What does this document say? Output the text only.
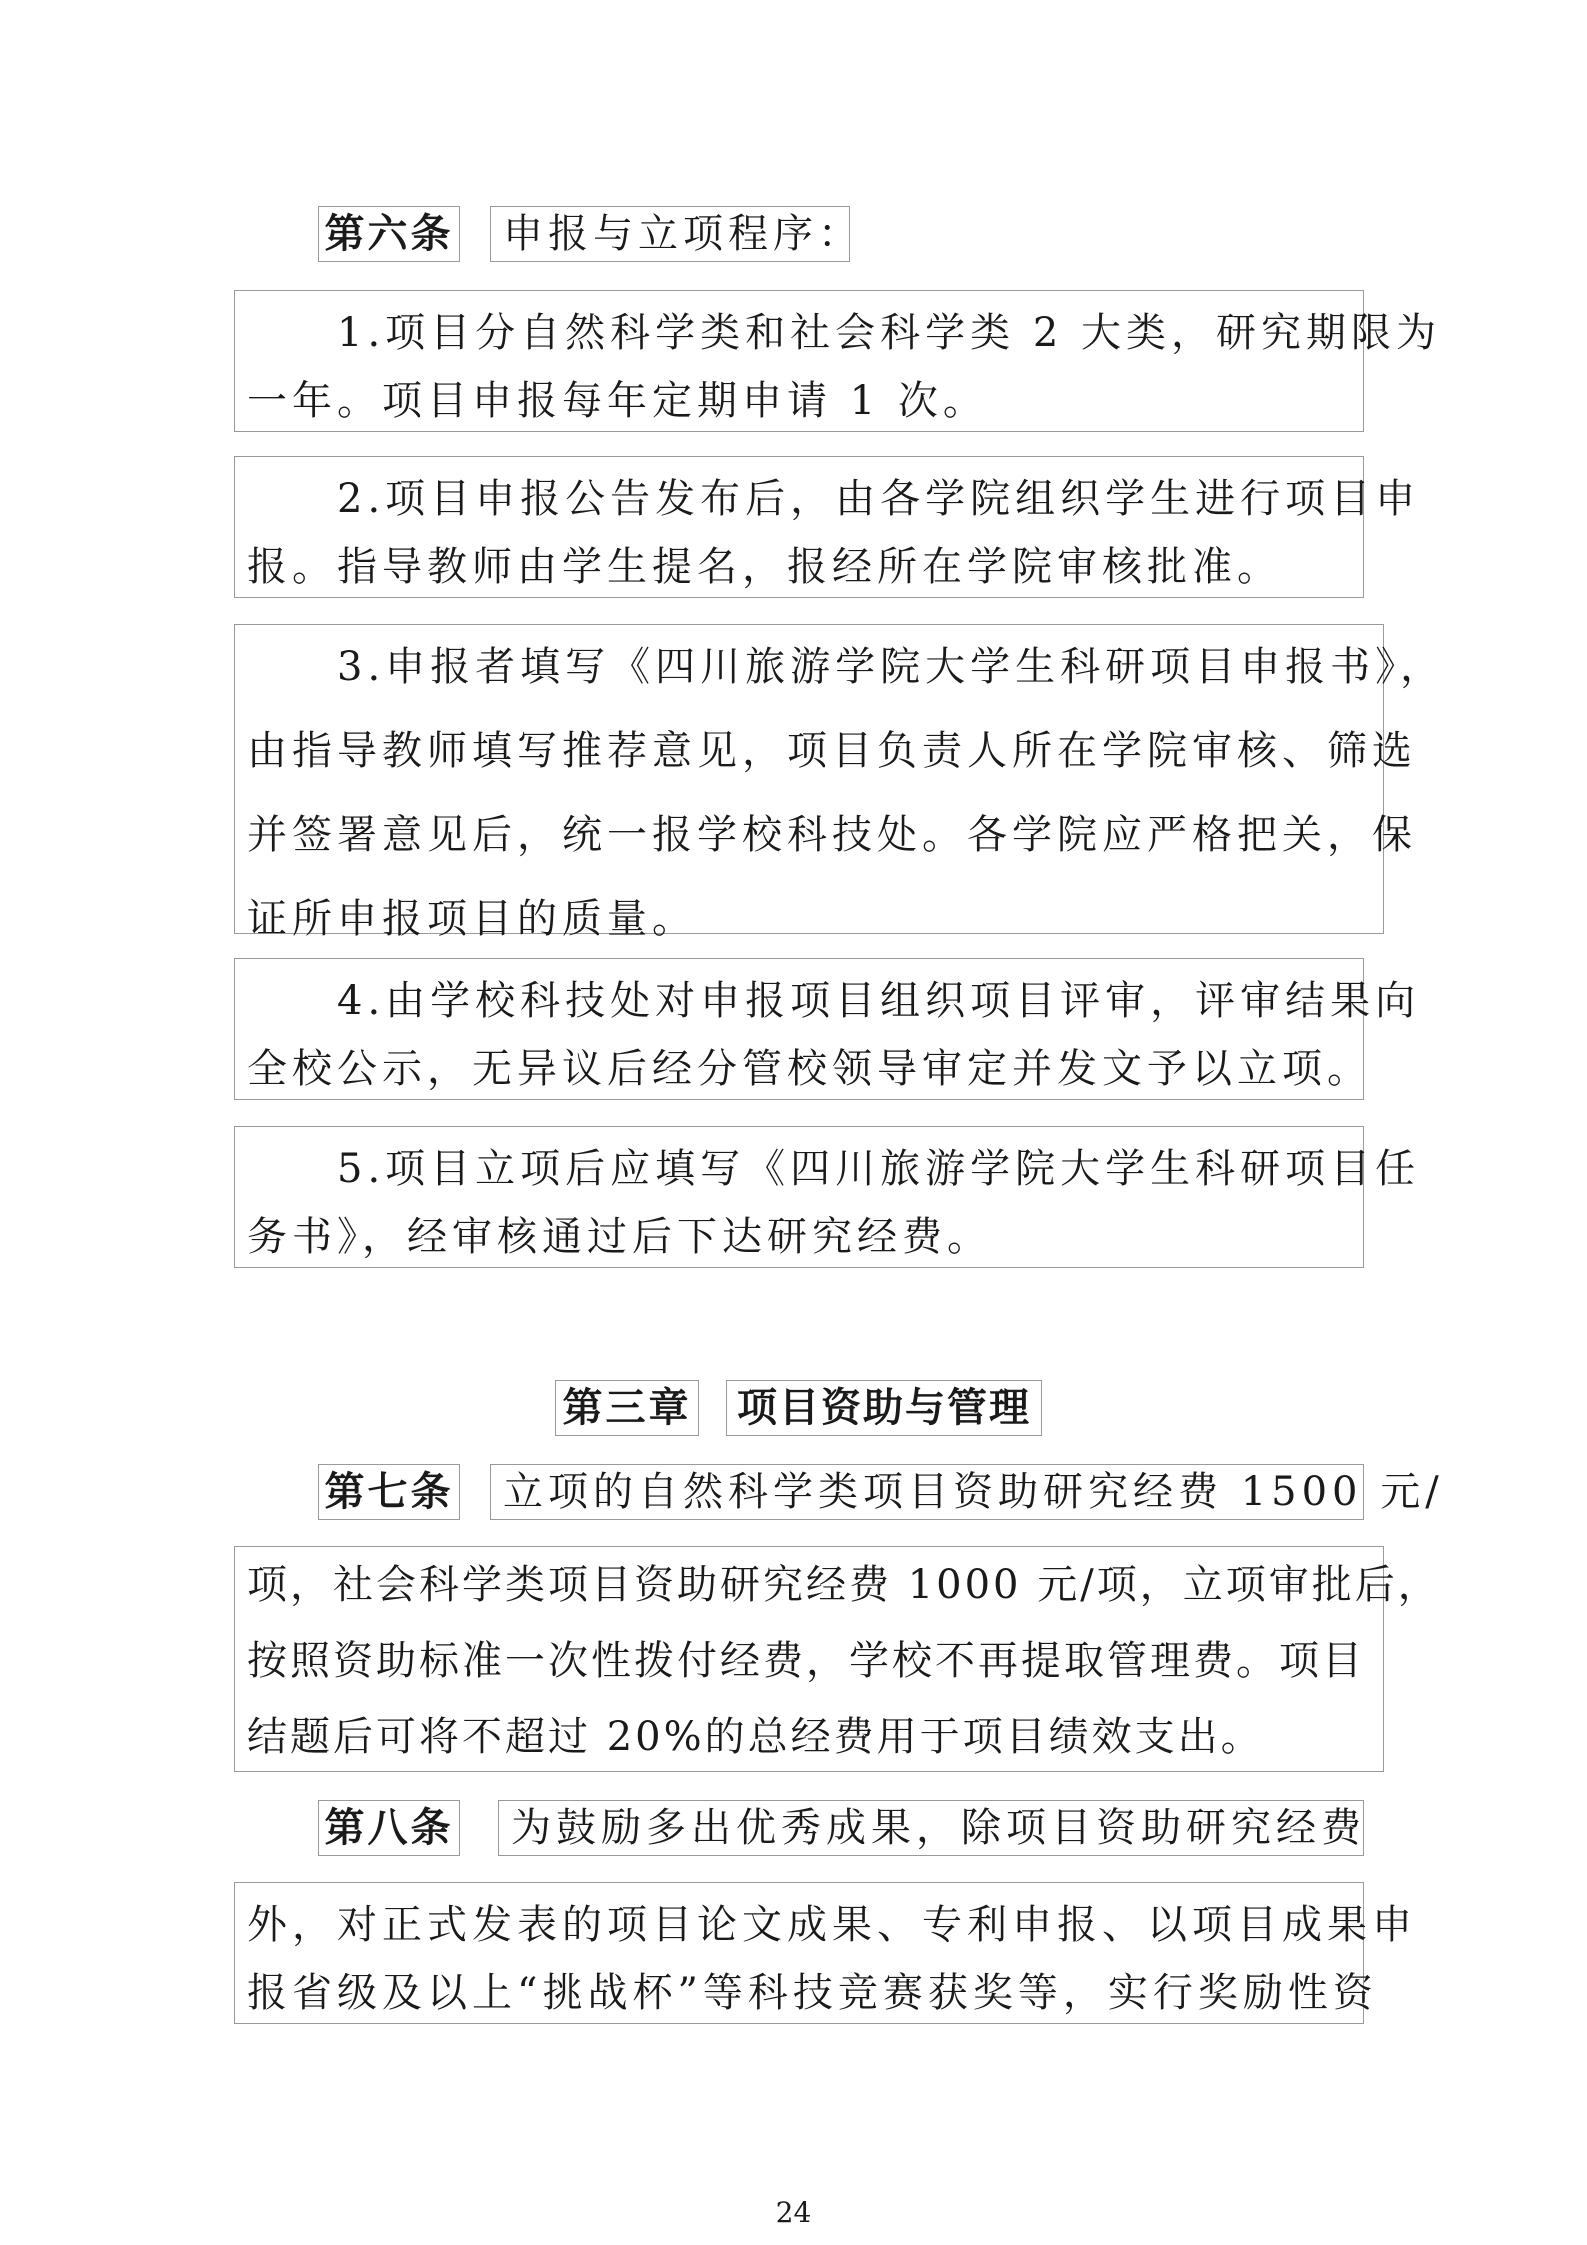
第六条	申报与立项程序：
　　1.项目分自然科学类和社会科学类 2 大类，研究期限为
一年。项目申报每年定期申请 1 次。
　　2.项目申报公告发布后，由各学院组织学生进行项目申
报。指导教师由学生提名，报经所在学院审核批准。
　　3.申报者填写《四川旅游学院大学生科研项目申报书》，
由指导教师填写推荐意见，项目负责人所在学院审核、筛选
并签署意见后，统一报学校科技处。各学院应严格把关，保
证所申报项目的质量。
　　4.由学校科技处对申报项目组织项目评审，评审结果向
全校公示，无异议后经分管校领导审定并发文予以立项。
　　5.项目立项后应填写《四川旅游学院大学生科研项目任
务书》，经审核通过后下达研究经费。
第三章 项目资助与管理
第七条	立项的自然科学类项目资助研究经费 1500 元/
项，社会科学类项目资助研究经费 1000 元/项，立项审批后，
按照资助标准一次性拨付经费，学校不再提取管理费。项目
结题后可将不超过 20%的总经费用于项目绩效支出。
第八条	为鼓励多出优秀成果，除项目资助研究经费
外，对正式发表的项目论文成果、专利申报、以项目成果申
报省级及以上“挑战杯”等科技竞赛获奖等，实行奖励性资
24
